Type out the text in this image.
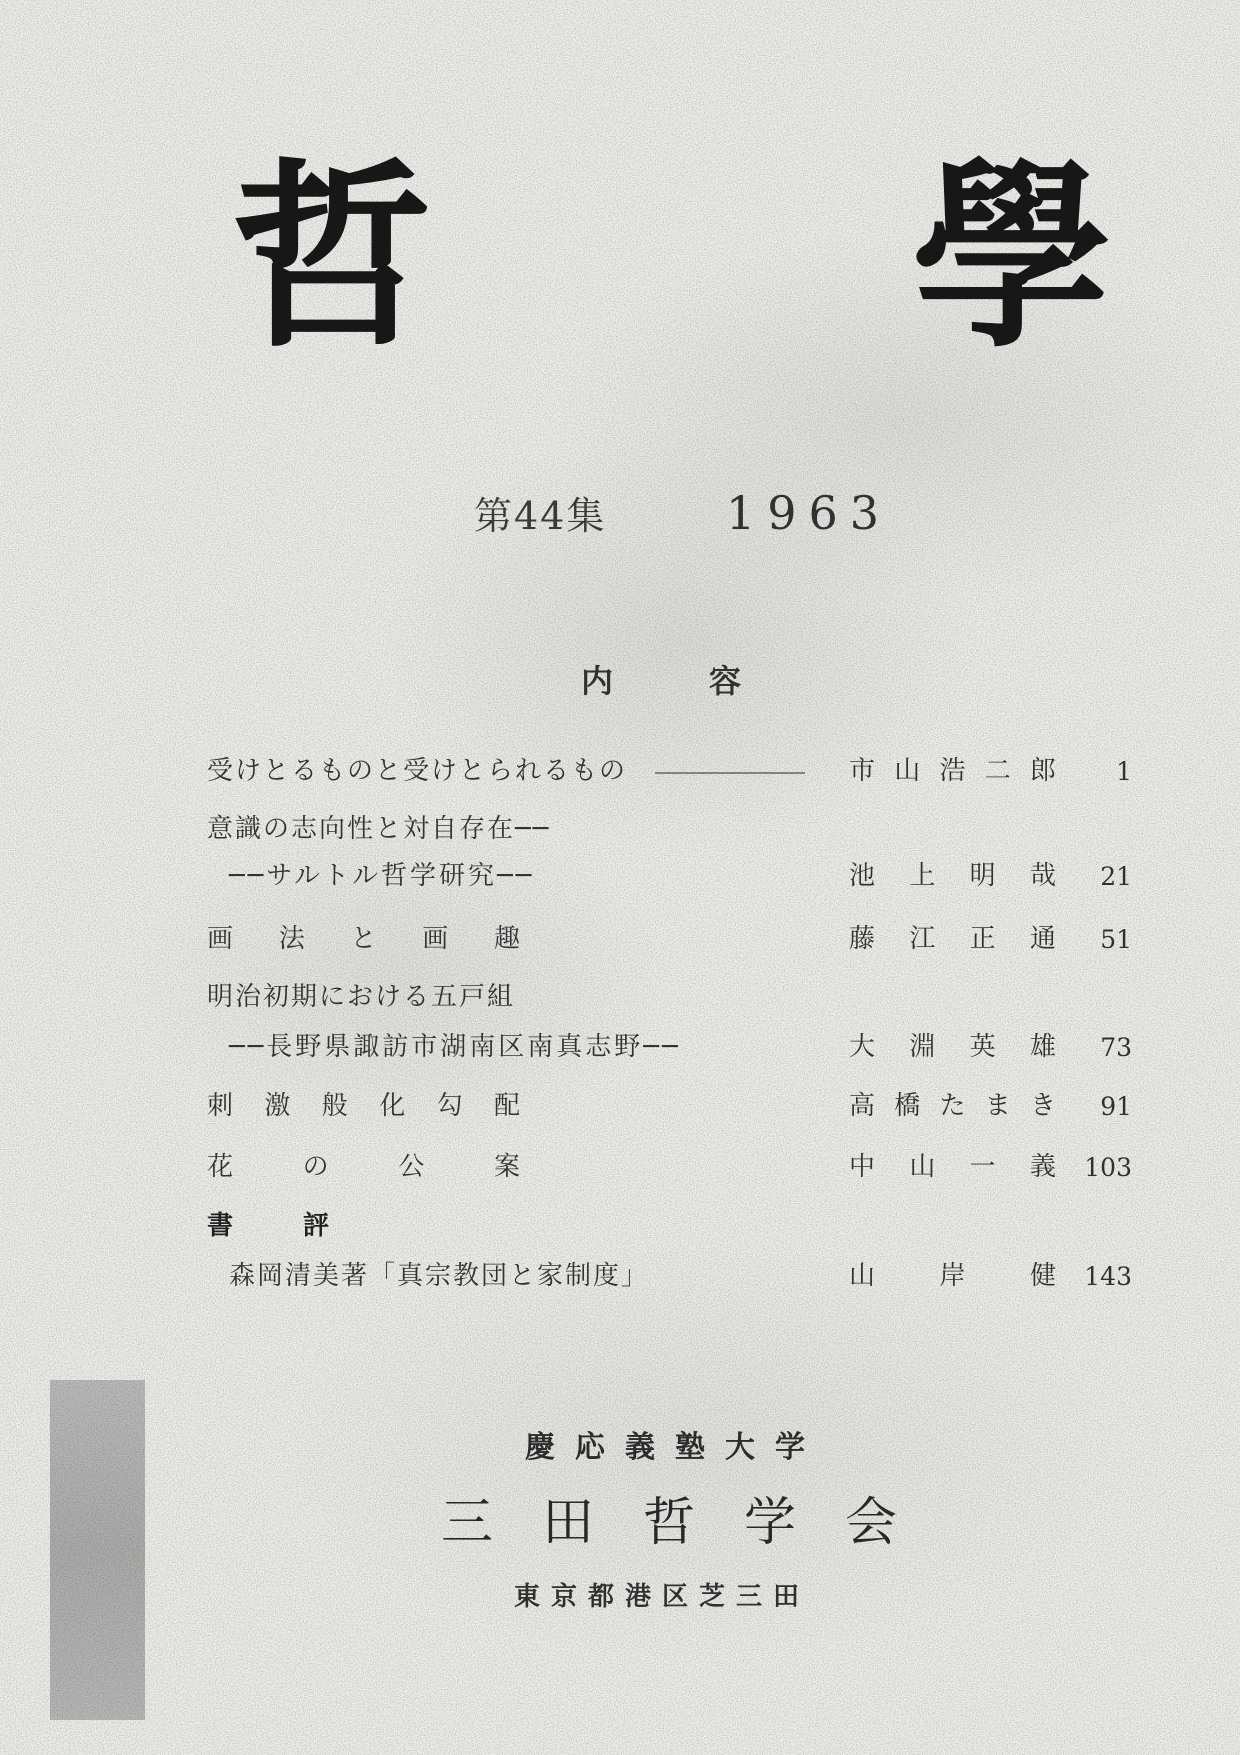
哲 學
第44集	1963
内容
受けとるものと受けとられるもの	市山浩二郎	1
意識の志向性と対自存在──
──サルトル哲学研究──	池上明哉	21
画法と画趣	藤江正通	51
明治初期における五戸組
──長野県諏訪市湖南区南真志野──	大淵英雄	73
刺激般化勾配	高橋たまき	91
花の公案	中山一義	103
書評
森岡清美著「真宗教団と家制度」	山岸健	143
慶応義塾大学
三田哲学会
東京都港区芝三田
